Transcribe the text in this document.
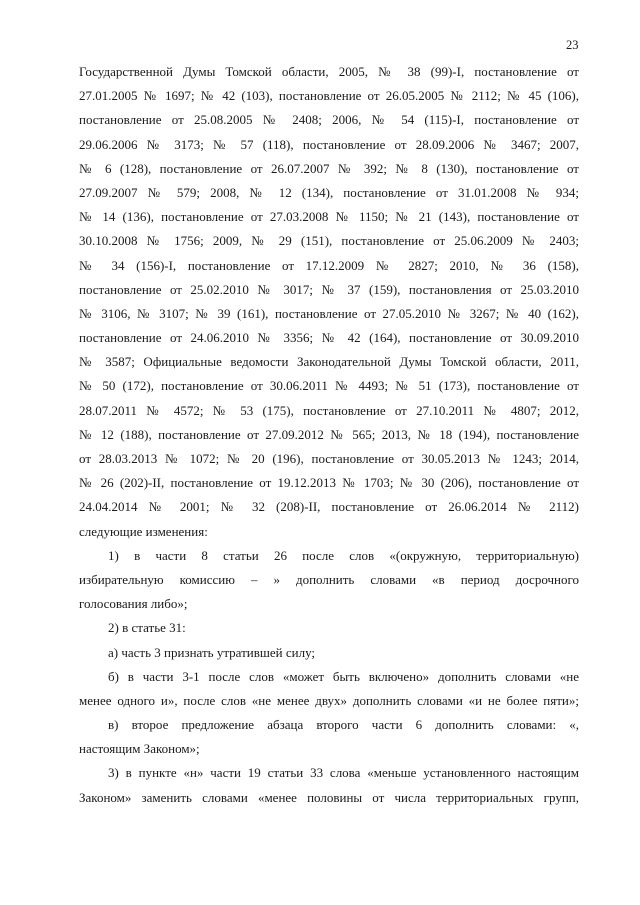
23
Государственной Думы Томской области, 2005, № 38 (99)-I, постановление от
27.01.2005 № 1697; № 42 (103), постановление от 26.05.2005 № 2112; № 45 (106),
постановление от 25.08.2005 № 2408; 2006, № 54 (115)-I, постановление от
29.06.2006 № 3173; № 57 (118), постановление от 28.09.2006 № 3467; 2007,
№ 6 (128), постановление от 26.07.2007 № 392; № 8 (130), постановление от
27.09.2007 № 579; 2008, № 12 (134), постановлениe от 31.01.2008 № 934;
№ 14 (136), постановление от 27.03.2008 № 1150; № 21 (143), постановление от
30.10.2008 № 1756; 2009, № 29 (151), постановление от 25.06.2009 № 2403;
№ 34 (156)-I, постановление от 17.12.2009 № 2827; 2010, № 36 (158),
постановление от 25.02.2010 № 3017; № 37 (159), постановления от 25.03.2010
№ 3106, № 3107; № 39 (161), постановление от 27.05.2010 № 3267; № 40 (162),
постановление от 24.06.2010 № 3356; № 42 (164), постановление от 30.09.2010
№ 3587; Официальные ведомости Законодательной Думы Томской области, 2011,
№ 50 (172), постановление от 30.06.2011 № 4493; № 51 (173), постановление от
28.07.2011 № 4572; № 53 (175), постановление от 27.10.2011 № 4807; 2012,
№ 12 (188), постановление от 27.09.2012 № 565; 2013, № 18 (194), постановление
от 28.03.2013 № 1072; № 20 (196), постановление от 30.05.2013 № 1243; 2014,
№ 26 (202)-II, постановление от 19.12.2013 № 1703; № 30 (206), постановление от
24.04.2014 № 2001; № 32 (208)-II, постановление от 26.06.2014 № 2112)
следующие изменения:
1) в части 8 статьи 26 после слов «(окружную, территориальную)
избирательную комиссию – » дополнить словами «в период досрочного
голосования либо»;
2) в статье 31:
а) часть 3 признать утратившей силу;
б) в части 3-1 после слов «может быть включено» дополнить словами «не
менее одного и», после слов «не менее двух» дополнить словами «и не более пяти»;
в) второе предложение абзаца второго части 6 дополнить словами: «,
настоящим Законом»;
3) в пункте «н» части 19 статьи 33 слова «меньше установленного настоящим
Законом» заменить словами «менее половины от числа территориальных групп,
